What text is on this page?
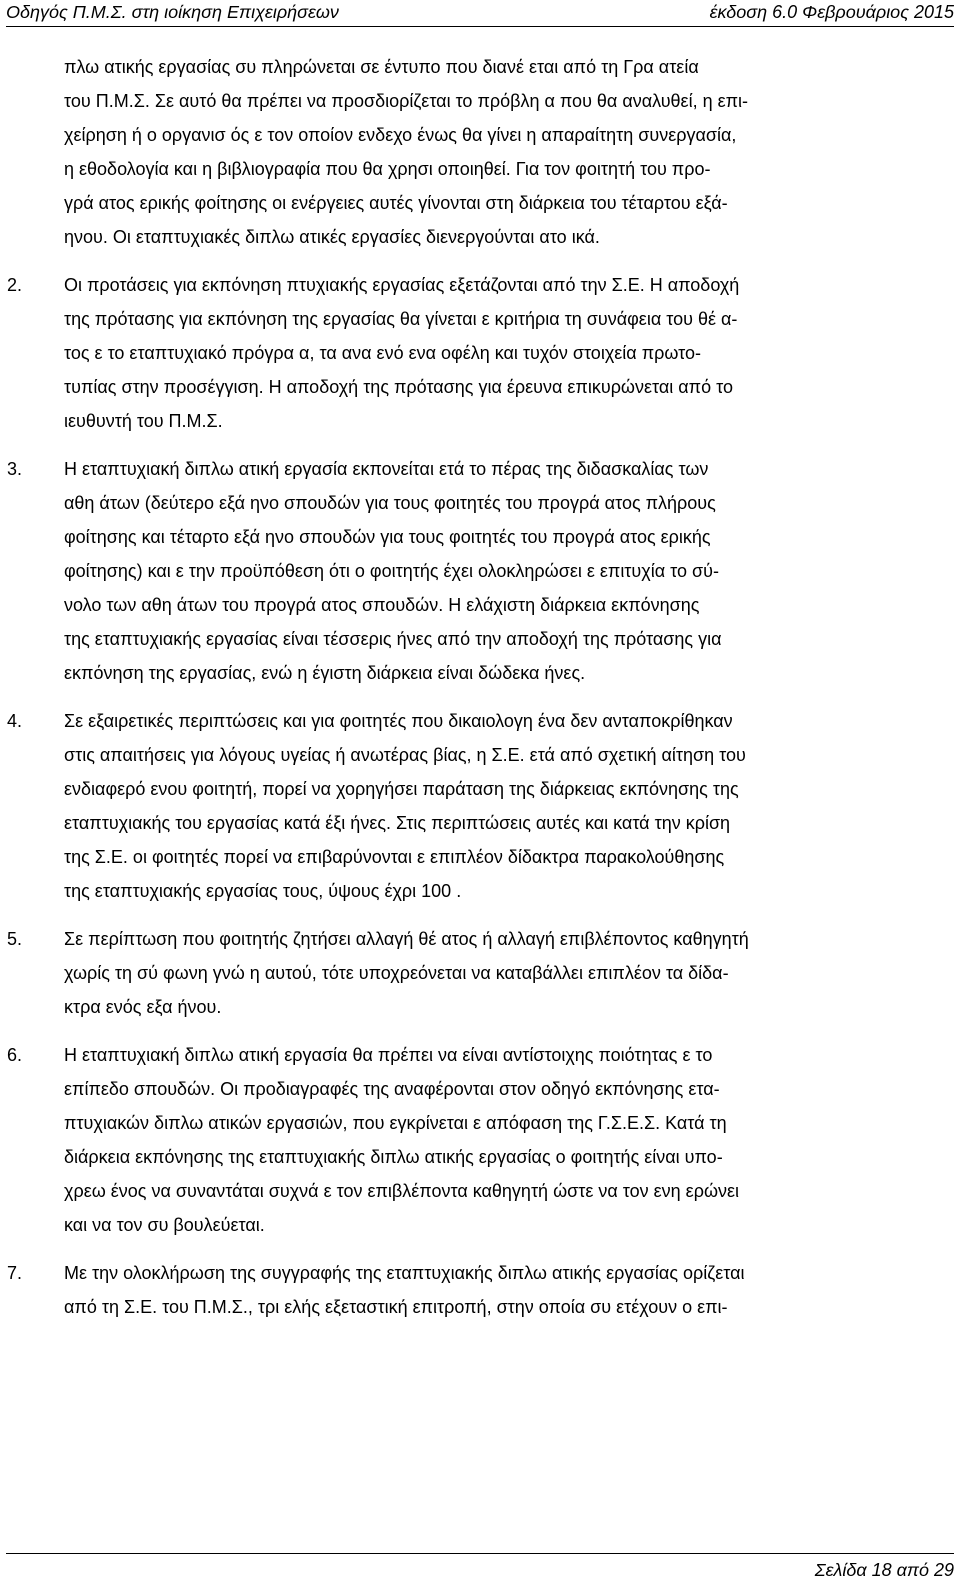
Οδηγός Π.Μ.Σ. στη ιοίκηση Επιχειρήσεων	έκδοση 6.0 Φεβρουάριος 2015
πλω ατικής εργασίας συ πληρώνεται σε έντυπο που διανέ εται από τη Γρα ατεία
του Π.Μ.Σ. Σε αυτό θα πρέπει να προσδιορίζεται το πρόβλη α που θα αναλυθεί, η επι-
χείρηση ή ο οργανισ ός ε τον οποίον ενδεχο ένως θα γίνει η απαραίτητη συνεργασία,
η εθοδολογία και η βιβλιογραφία που θα χρησι οποιηθεί. Για τον φοιτητή του προ-
γρά ατος ερικής φοίτησης οι ενέργειες αυτές γίνονται στη διάρκεια του τέταρτου εξά-
ηνου. Οι εταπτυχιακές διπλω ατικές εργασίες διενεργούνται ατο ικά.
2. Οι προτάσεις για εκπόνηση πτυχιακής εργασίας εξετάζονται από την Σ.Ε. Η αποδοχή
της πρότασης για εκπόνηση της εργασίας θα γίνεται ε κριτήρια τη συνάφεια του θέ α-
τος ε το εταπτυχιακό πρόγρα α, τα ανα ενό ενα οφέλη και τυχόν στοιχεία πρωτο-
τυπίας στην προσέγγιση. Η αποδοχή της πρότασης για έρευνα επικυρώνεται από το
ιευθυντή του Π.Μ.Σ.
3. Η εταπτυχιακή διπλω ατική εργασία εκπονείται ετά το πέρας της διδασκαλίας των
αθη άτων (δεύτερο εξά ηνο σπουδών για τους φοιτητές του προγρά ατος πλήρους
φοίτησης και τέταρτο εξά ηνο σπουδών για τους φοιτητές του προγρά ατος ερικής
φοίτησης) και ε την προϋπόθεση ότι ο φοιτητής έχει ολοκληρώσει ε επιτυχία το σύ-
νολο των αθη άτων του προγρά ατος σπουδών. Η ελάχιστη διάρκεια εκπόνησης
της εταπτυχιακής εργασίας είναι τέσσερις ήνες από την αποδοχή της πρότασης για
εκπόνηση της εργασίας, ενώ η έγιστη διάρκεια είναι δώδεκα ήνες.
4. Σε εξαιρετικές περιπτώσεις και για φοιτητές που δικαιολογη ένα δεν ανταποκρίθηκαν
στις απαιτήσεις για λόγους υγείας ή ανωτέρας βίας, η Σ.Ε. ετά από σχετική αίτηση του
ενδιαφερό ενου φοιτητή, πορεί να χορηγήσει παράταση της διάρκειας εκπόνησης της
εταπτυχιακής του εργασίας κατά έξι ήνες. Στις περιπτώσεις αυτές και κατά την κρίση
της Σ.Ε. οι φοιτητές πορεί να επιβαρύνονται ε επιπλέον δίδακτρα παρακολούθησης
της εταπτυχιακής εργασίας τους, ύψους έχρι 100 .
5. Σε περίπτωση που φοιτητής ζητήσει αλλαγή θέ ατος ή αλλαγή επιβλέποντος καθηγητή
χωρίς τη σύ φωνη γνώ η αυτού, τότε υποχρεόνεται να καταβάλλει επιπλέον τα δίδα-
κτρα ενός εξα ήνου.
6. Η εταπτυχιακή διπλω ατική εργασία θα πρέπει να είναι αντίστοιχης ποιότητας ε το
επίπεδο σπουδών. Οι προδιαγραφές της αναφέρονται στον οδηγό εκπόνησης ετα-
πτυχιακών διπλω ατικών εργασιών, που εγκρίνεται ε απόφαση της Γ.Σ.Ε.Σ. Κατά τη
διάρκεια εκπόνησης της εταπτυχιακής διπλω ατικής εργασίας ο φοιτητής είναι υπο-
χρεω ένος να συναντάται συχνά ε τον επιβλέποντα καθηγητή ώστε να τον ενη ερώνει
και να τον συ βουλεύεται.
7. Με την ολοκλήρωση της συγγραφής της εταπτυχιακής διπλω ατικής εργασίας ορίζεται
από τη Σ.Ε. του Π.Μ.Σ., τρι ελής εξεταστική επιτροπή, στην οποία συ ετέχουν ο επι-
Σελίδα 18 από 29
